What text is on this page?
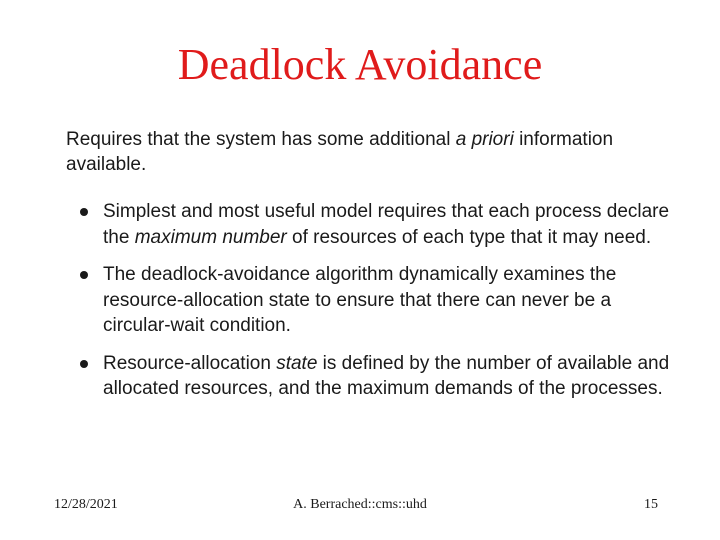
Deadlock Avoidance
Requires that the system has some additional a priori information available.
Simplest and most useful model requires that each process declare the maximum number of resources of each type that it may need.
The deadlock-avoidance algorithm dynamically examines the resource-allocation state to ensure that there can never be a circular-wait condition.
Resource-allocation state is defined by the number of available and allocated resources, and the maximum demands of the processes.
12/28/2021	A. Berrached::cms::uhd	15
